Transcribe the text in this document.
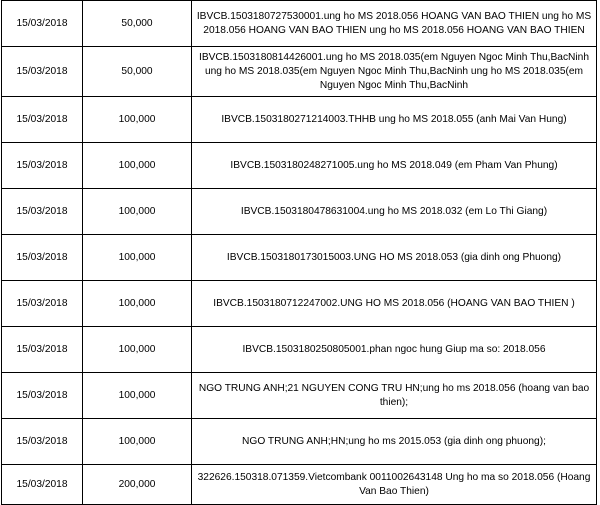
15/03/2018	50,000	IBVCB.1503180727530001.ung ho MS 2018.056 HOANG VAN BAO THIEN ung ho MS 2018.056 HOANG VAN BAO THIEN ung ho MS 2018.056 HOANG VAN BAO THIEN
15/03/2018	50,000	IBVCB.1503180814426001.ung ho MS 2018.035(em Nguyen Ngoc Minh Thu,BacNinh ung ho MS 2018.035(em Nguyen Ngoc Minh Thu,BacNinh ung ho MS 2018.035(em Nguyen Ngoc Minh Thu,BacNinh
15/03/2018	100,000	IBVCB.1503180271214003.THHB ung ho MS 2018.055 (anh Mai Van Hung)
15/03/2018	100,000	IBVCB.1503180248271005.ung ho MS 2018.049 (em Pham Van Phung)
15/03/2018	100,000	IBVCB.1503180478631004.ung ho MS 2018.032 (em Lo Thi Giang)
15/03/2018	100,000	IBVCB.1503180173015003.UNG HO MS 2018.053 (gia dinh ong Phuong)
15/03/2018	100,000	IBVCB.1503180712247002.UNG HO MS 2018.056 (HOANG VAN BAO THIEN )
15/03/2018	100,000	IBVCB.1503180250805001.phan ngoc hung Giup ma so: 2018.056
15/03/2018	100,000	NGO TRUNG ANH;21 NGUYEN CONG TRU HN;ung ho ms 2018.056 (hoang van bao thien);
15/03/2018	100,000	NGO TRUNG ANH;HN;ung ho ms 2015.053 (gia dinh ong phuong);
15/03/2018	200,000	322626.150318.071359.Vietcombank 0011002643148 Ung ho ma so 2018.056 (Hoang Van Bao Thien)
